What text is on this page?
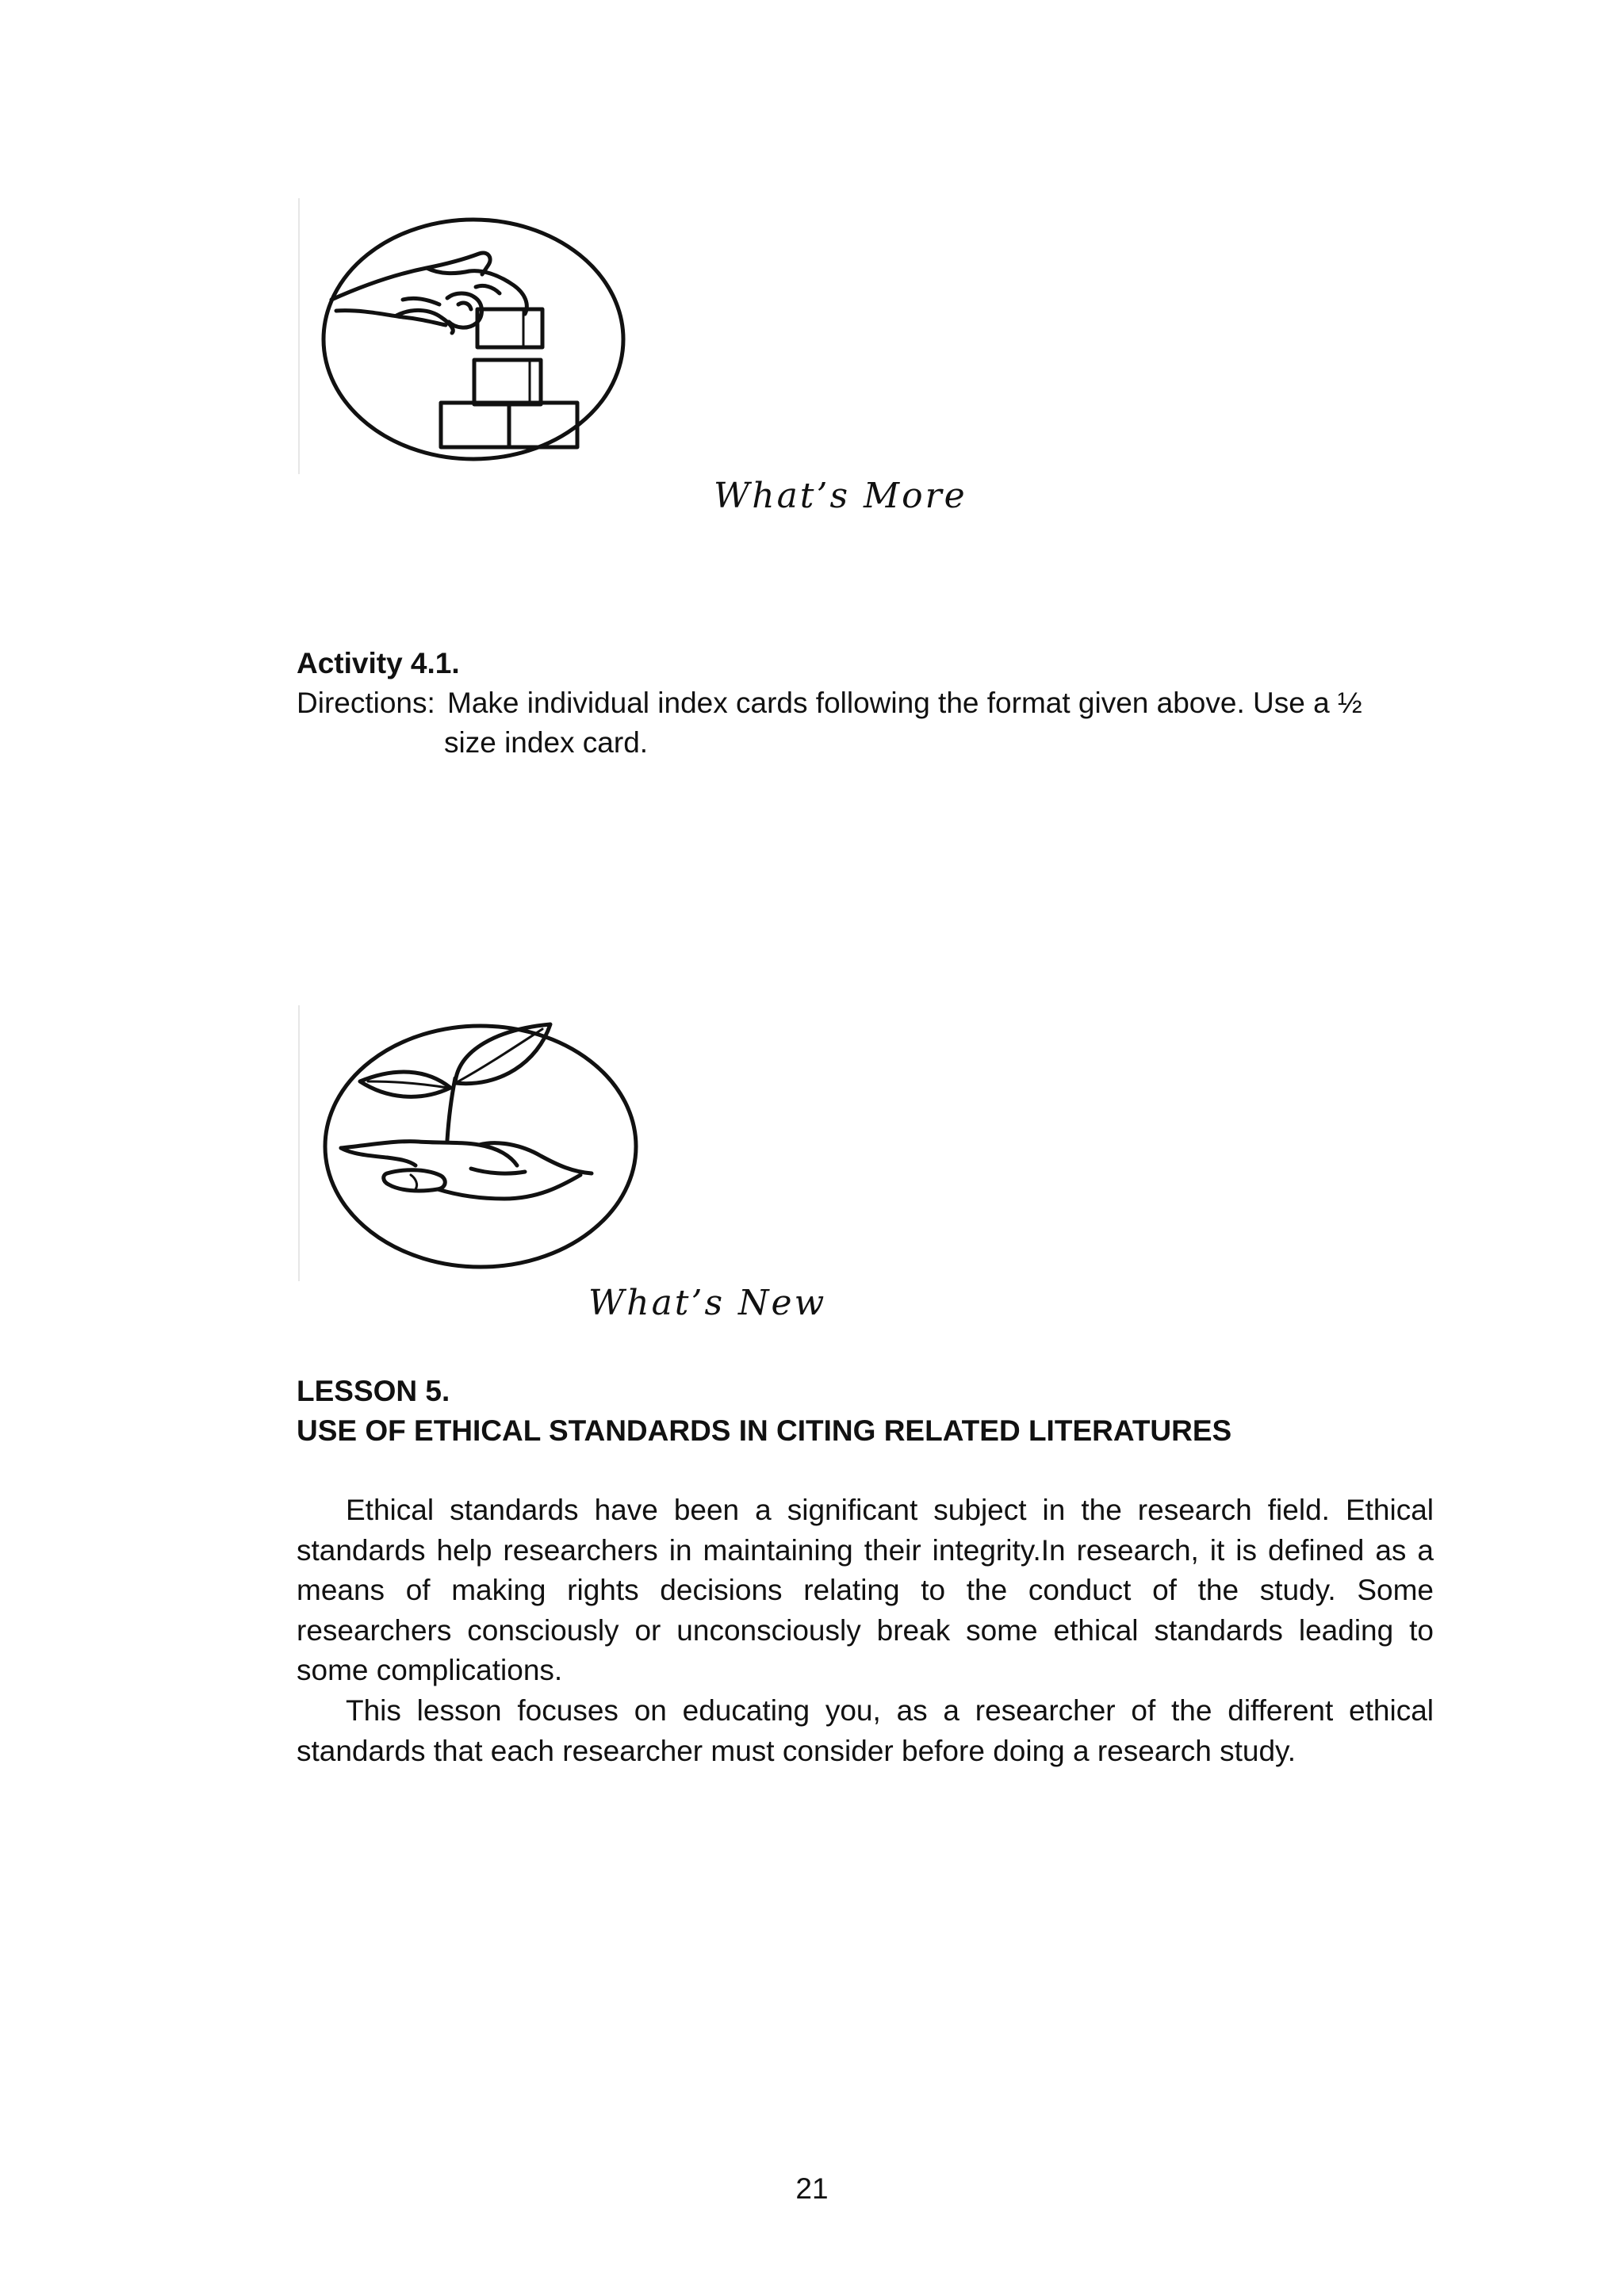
What’s More
Activity 4.1.
Directions: Make individual index cards following the format given above. Use a ½
size index card.
What’s New
LESSON 5.
USE OF ETHICAL STANDARDS IN CITING RELATED LITERATURES

Ethical standards have been a significant subject in the research field. Ethical standards help researchers in maintaining their integrity.In research, it is defined as a means of making rights decisions relating to the conduct of the study. Some researchers consciously or unconsciously break some ethical standards leading to some complications.

This lesson focuses on educating you, as a researcher of the different ethical standards that each researcher must consider before doing a research study.

21
